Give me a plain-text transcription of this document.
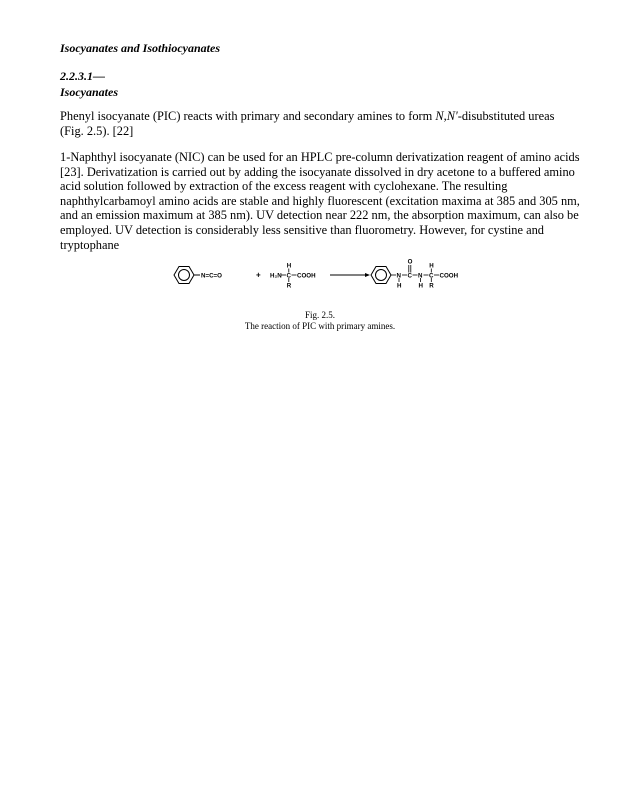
Isocyanates and Isothiocyanates
2.2.3.1—
Isocyanates

Phenyl isocyanate (PIC) reacts with primary and secondary amines to form N,N'-disubstituted ureas (Fig. 2.5). [22]

1-Naphthyl isocyanate (NIC) can be used for an HPLC pre-column derivatization reagent of amino acids [23]. Derivatization is carried out by adding the isocyanate dissolved in dry acetone to a buffered amino acid solution followed by extraction of the excess reagent with cyclohexane. The resulting naphthylcarbamoyl amino acids are stable and highly fluorescent (excitation maxima at 385 and 305 nm, and an emission maximum at 385 nm). UV detection near 222 nm, the absorption maximum, can also be employed. UV detection is considerably less sensitive than fluorometry. However, for cystine and tryptophane

N=C=O	+ H₂N C
H
R
COOH	N
H
C
O
N
H
C
H
R
COOH
Fig. 2.5.
The reaction of PIC with primary amines.
